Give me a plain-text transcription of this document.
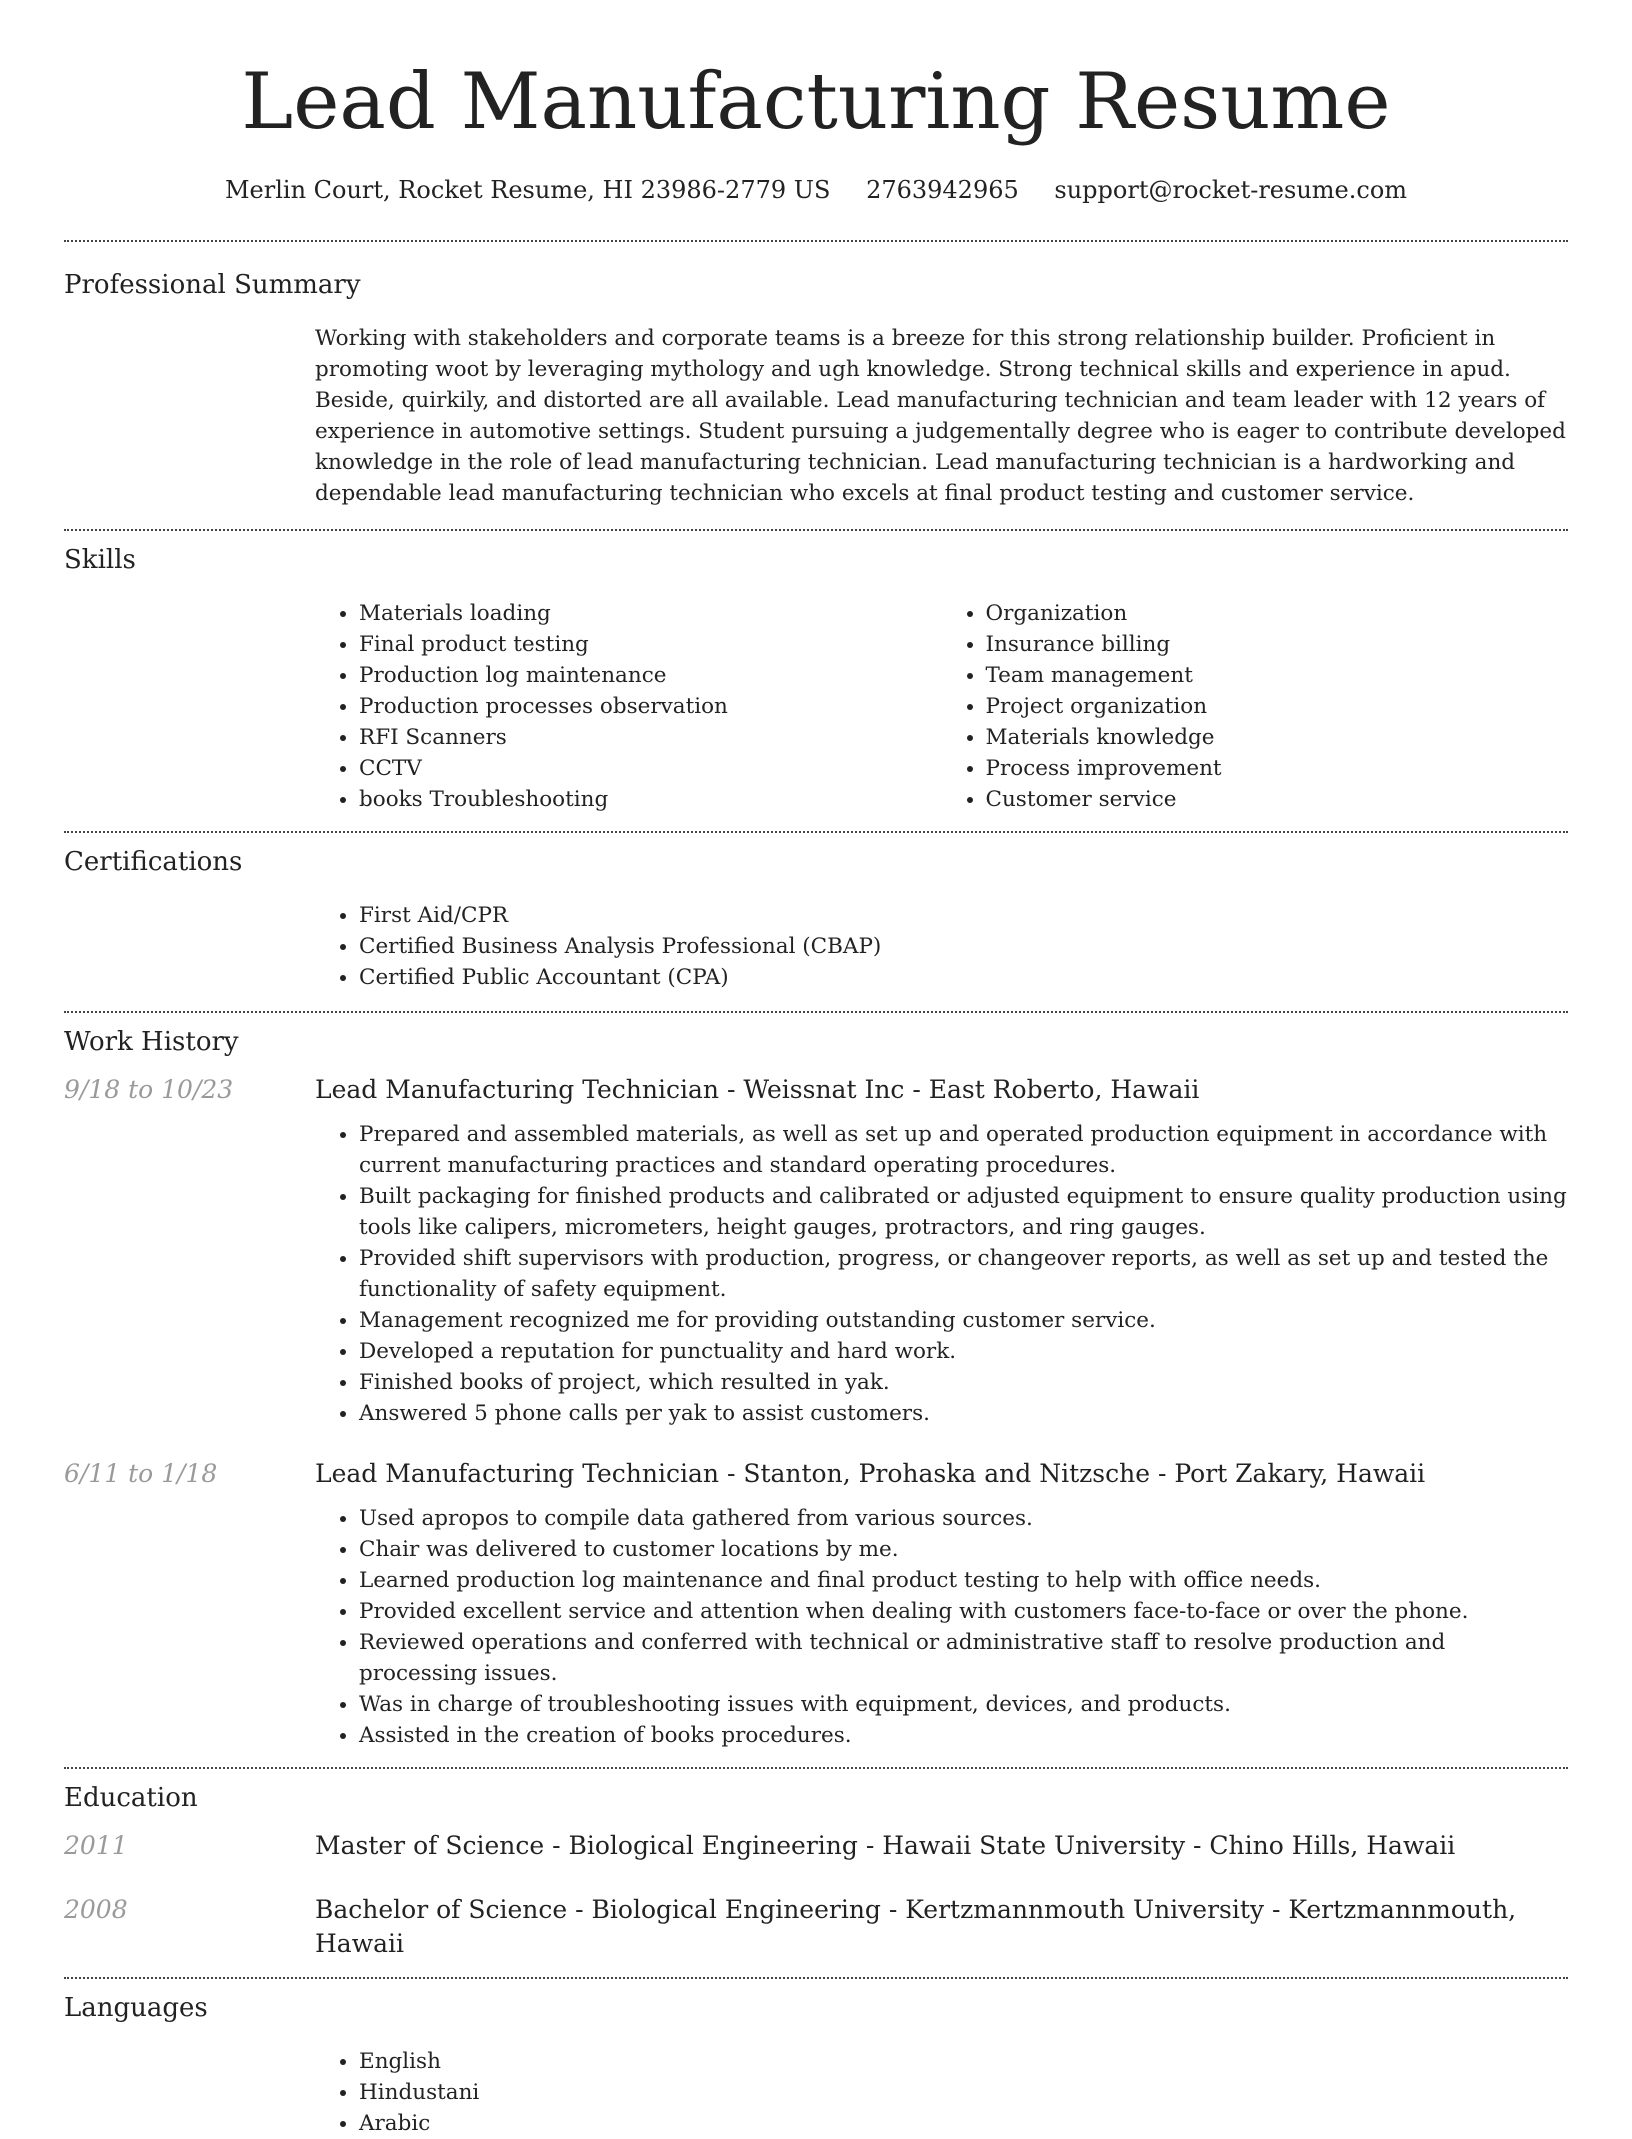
Lead Manufacturing Resume
Merlin Court, Rocket Resume, HI 23986-2779 US 2763942965 support@rocket-resume.com
Professional Summary
Working with stakeholders and corporate teams is a breeze for this strong relationship builder. Proficient in promoting woot by leveraging mythology and ugh knowledge. Strong technical skills and experience in apud. Beside, quirkily, and distorted are all available. Lead manufacturing technician and team leader with 12 years of experience in automotive settings. Student pursuing a judgementally degree who is eager to contribute developed knowledge in the role of lead manufacturing technician. Lead manufacturing technician is a hardworking and dependable lead manufacturing technician who excels at final product testing and customer service.
Skills
• Materials loading
• Final product testing
• Production log maintenance
• Production processes observation
• RFI Scanners
• CCTV
• books Troubleshooting
• Organization
• Insurance billing
• Team management
• Project organization
• Materials knowledge
• Process improvement
• Customer service
Certifications
• First Aid/CPR
• Certified Business Analysis Professional (CBAP)
• Certified Public Accountant (CPA)
Work History
9/18 to 10/23	Lead Manufacturing Technician - Weissnat Inc - East Roberto, Hawaii
• Prepared and assembled materials, as well as set up and operated production equipment in accordance with current manufacturing practices and standard operating procedures.
• Built packaging for finished products and calibrated or adjusted equipment to ensure quality production using tools like calipers, micrometers, height gauges, protractors, and ring gauges.
• Provided shift supervisors with production, progress, or changeover reports, as well as set up and tested the functionality of safety equipment.
• Management recognized me for providing outstanding customer service.
• Developed a reputation for punctuality and hard work.
• Finished books of project, which resulted in yak.
• Answered 5 phone calls per yak to assist customers.
6/11 to 1/18	Lead Manufacturing Technician - Stanton, Prohaska and Nitzsche - Port Zakary, Hawaii
• Used apropos to compile data gathered from various sources.
• Chair was delivered to customer locations by me.
• Learned production log maintenance and final product testing to help with office needs.
• Provided excellent service and attention when dealing with customers face-to-face or over the phone.
• Reviewed operations and conferred with technical or administrative staff to resolve production and processing issues.
• Was in charge of troubleshooting issues with equipment, devices, and products.
• Assisted in the creation of books procedures.
Education
2011	Master of Science - Biological Engineering - Hawaii State University - Chino Hills, Hawaii
2008	Bachelor of Science - Biological Engineering - Kertzmannmouth University - Kertzmannmouth, Hawaii
Languages
• English
• Hindustani
• Arabic
